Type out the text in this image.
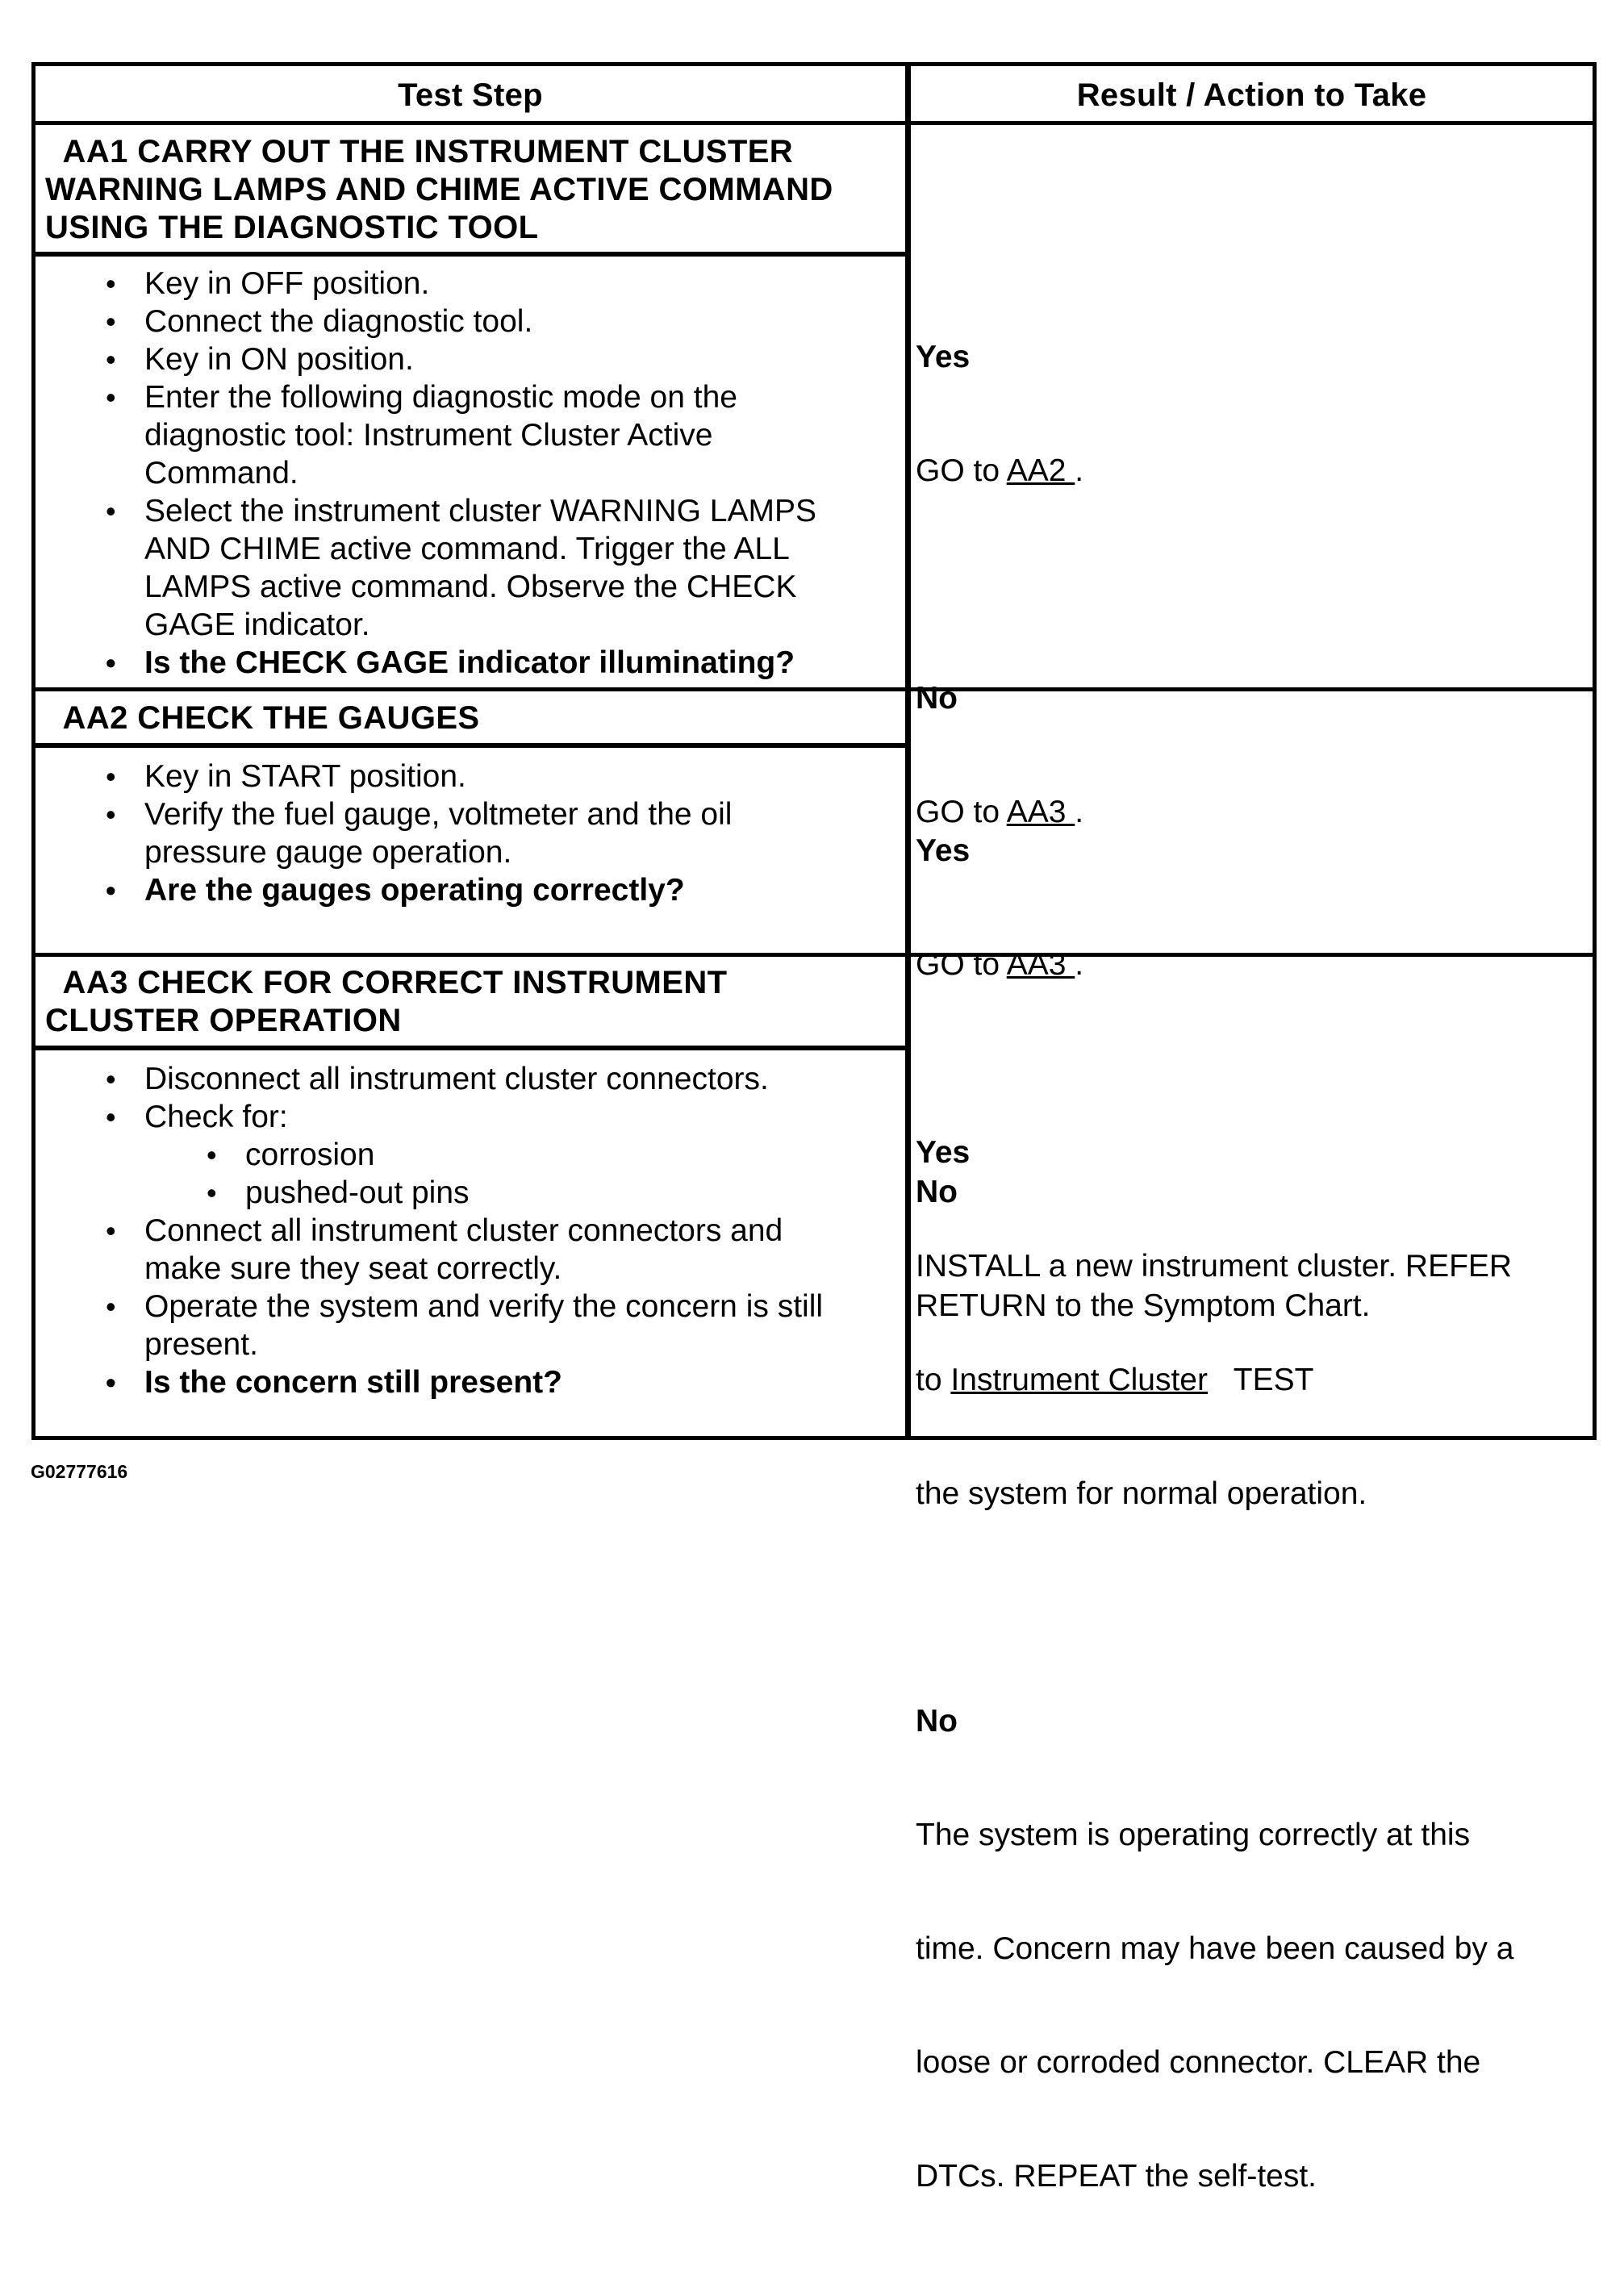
Test Step	Result / Action to Take
AA1 CARRY OUT THE INSTRUMENT CLUSTER
WARNING LAMPS AND CHIME ACTIVE COMMAND
USING THE DIAGNOSTIC TOOL
• Key in OFF position.
• Connect the diagnostic tool.
• Key in ON position.
• Enter the following diagnostic mode on the
diagnostic tool: Instrument Cluster Active
Command.
• Select the instrument cluster WARNING LAMPS
AND CHIME active command. Trigger the ALL
LAMPS active command. Observe the CHECK
GAGE indicator.
• Is the CHECK GAGE indicator illuminating?

Yes

GO to AA2 .

No

GO to AA3 .

AA2 CHECK THE GAUGES
• Key in START position.
• Verify the fuel gauge, voltmeter and the oil
pressure gauge operation.
• Are the gauges operating correctly?

Yes

GO to AA3 .

No

RETURN to the Symptom Chart.

AA3 CHECK FOR CORRECT INSTRUMENT
CLUSTER OPERATION
• Disconnect all instrument cluster connectors.
• Check for:
• corrosion
• pushed-out pins
• Connect all instrument cluster connectors and
make sure they seat correctly.
• Operate the system and verify the concern is still
present.
• Is the concern still present?

Yes

INSTALL a new instrument cluster. REFER

to Instrument Cluster   TEST

the system for normal operation.

No

The system is operating correctly at this

time. Concern may have been caused by a

loose or corroded connector. CLEAR the

DTCs. REPEAT the self-test.

G02777616
